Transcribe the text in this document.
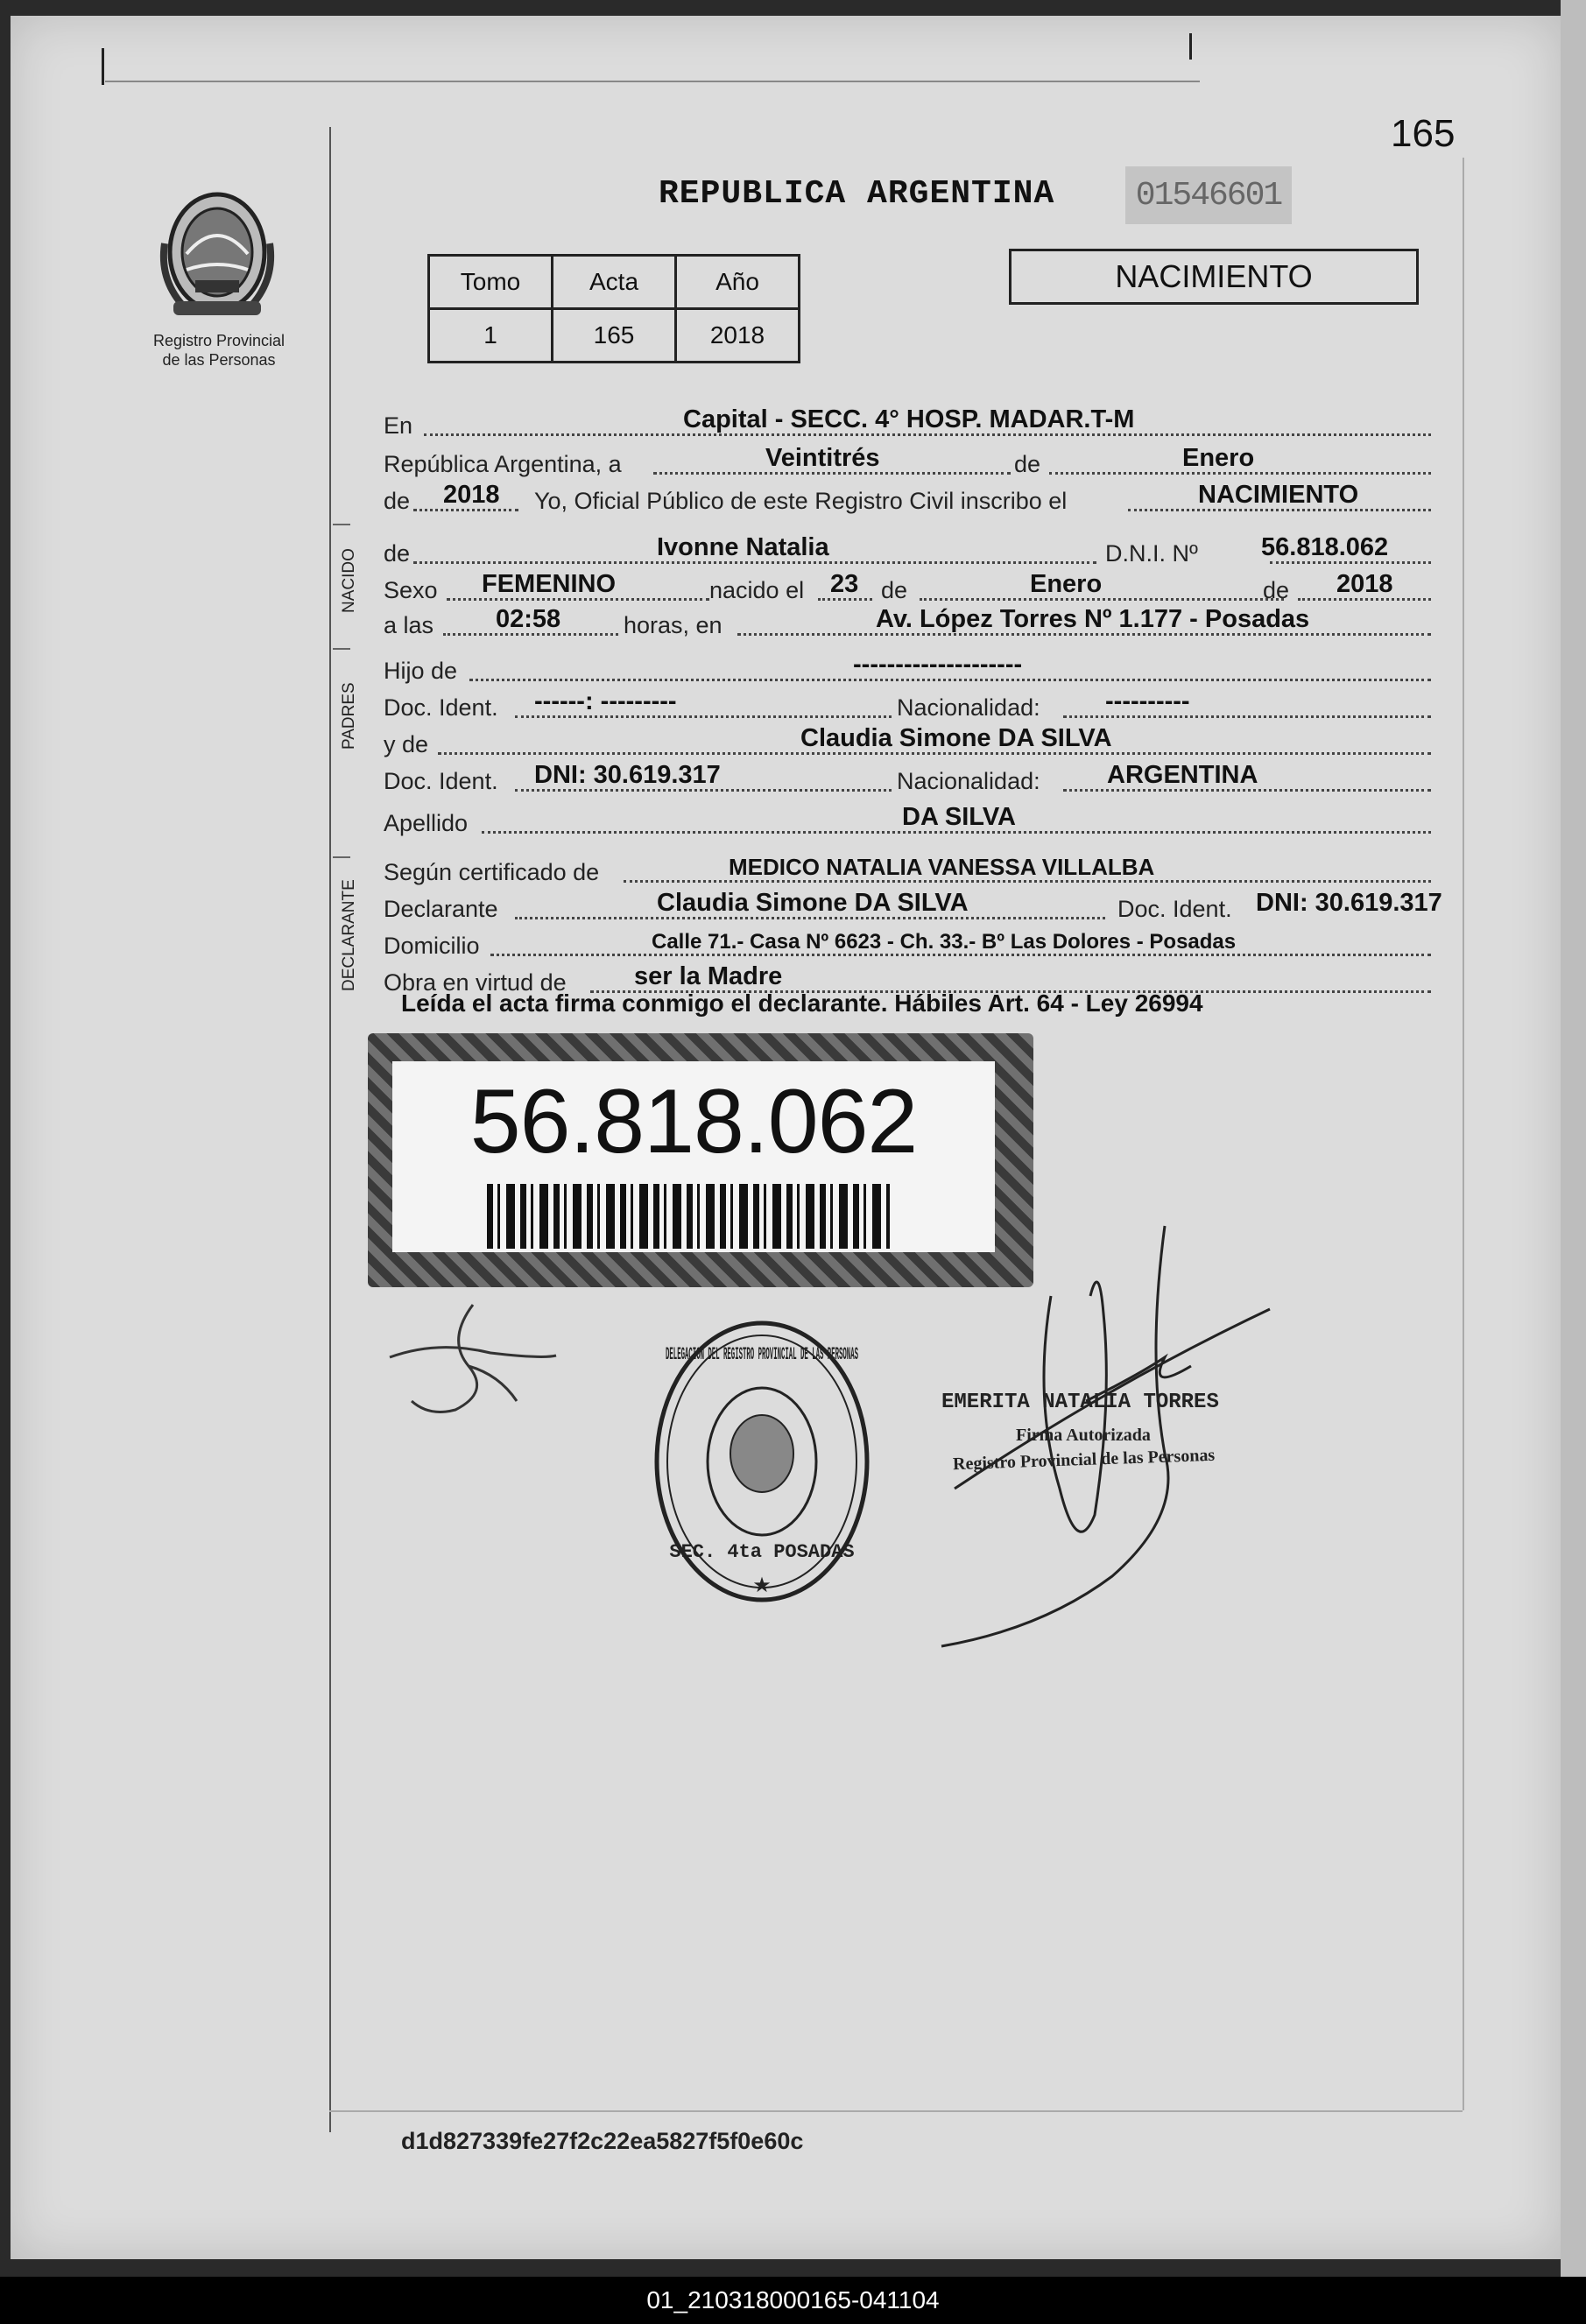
165
Registro Provincial
de las Personas
REPUBLICA ARGENTINA	01546601
Tomo	Acta	Año
1	165	2018
NACIMIENTO
NACIDO
PADRES
DECLARANTE
En	Capital - SECC. 4° HOSP. MADAR.T-M
República Argentina, a	Veintitrés	de	Enero
de 2018 Yo, Oficial Público de este Registro Civil inscribo el	NACIMIENTO
de	Ivonne Natalia	D.N.I. Nº 56.818.062
Sexo FEMENINO	nacido el 23 de	Enero	de 2018
a las 02:58	horas, en	Av. López Torres Nº 1.177 - Posadas
Hijo de	--------------------
Doc. Ident. ------: ---------	Nacionalidad:	----------
y de	Claudia Simone DA SILVA
Doc. Ident. DNI: 30.619.317	Nacionalidad:	ARGENTINA
Apellido	DA SILVA
Según certificado de	MEDICO NATALIA VANESSA VILLALBA
Declarante	Claudia Simone DA SILVA	Doc. Ident. DNI: 30.619.317
Domicilio	Calle 71.- Casa Nº 6623 - Ch. 33.- Bº Las Dolores - Posadas
Obra en virtud de	ser la Madre
Leída el acta firma conmigo el declarante. Hábiles Art. 64 - Ley 26994
56.818.062
DELEGACION DEL REGISTRO PROVINCIAL DE LAS PERSONAS
SEC. 4ta POSADAS
★
EMERITA NATALIA TORRES
Firma Autorizada
Registro Provincial de las Personas
d1d827339fe27f2c22ea5827f5f0e60c
01_210318000165-041104
